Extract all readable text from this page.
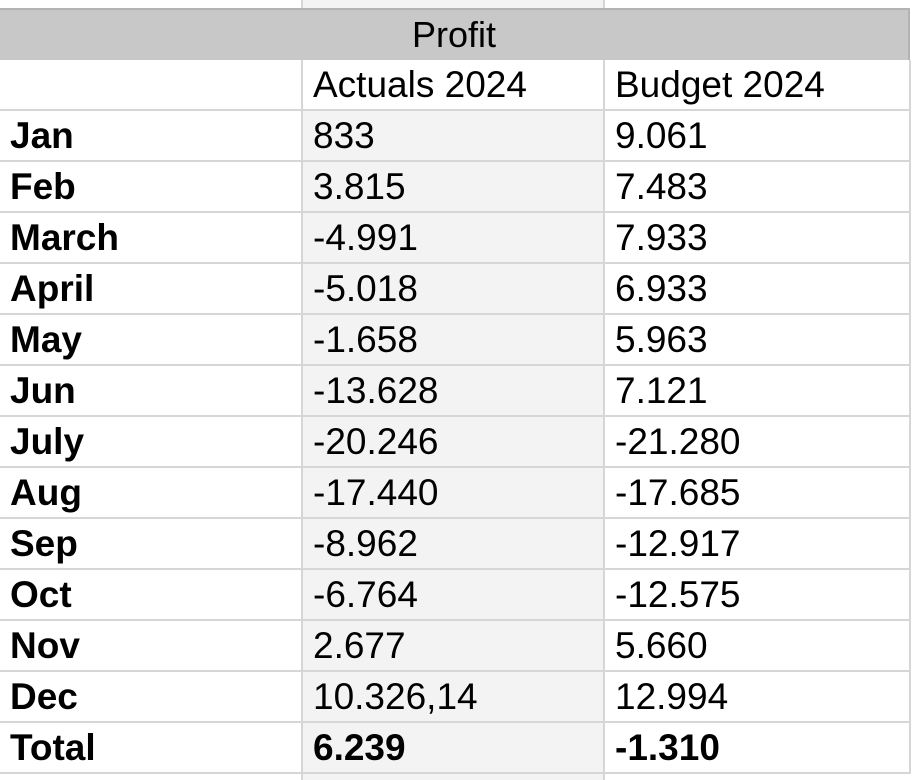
Profit
	Actuals 2024	Budget 2024
Jan	833	9.061
Feb	3.815	7.483
March	-4.991	7.933
April	-5.018	6.933
May	-1.658	5.963
Jun	-13.628	7.121
July	-20.246	-21.280
Aug	-17.440	-17.685
Sep	-8.962	-12.917
Oct	-6.764	-12.575
Nov	2.677	5.660
Dec	10.326,14	12.994
Total	6.239	-1.310
